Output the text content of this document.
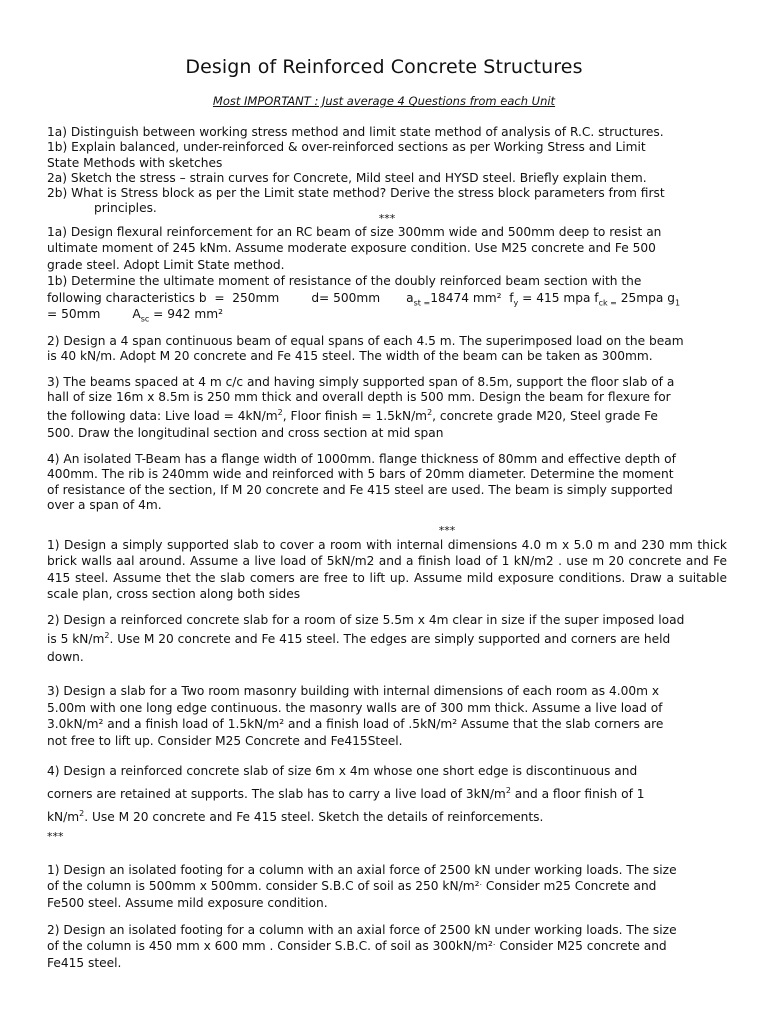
Design of Reinforced Concrete Structures
Most IMPORTANT : Just average 4 Questions from each Unit
1a) Distinguish between working stress method and limit state method of analysis of R.C. structures.
1b) Explain balanced, under-reinforced & over-reinforced sections as per Working Stress and Limit
State Methods with sketches
2a) Sketch the stress – strain curves for Concrete, Mild steel and HYSD steel. Briefly explain them.
2b) What is Stress block as per the Limit state method? Derive the stress block parameters from first
principles.
***
1a) Design flexural reinforcement for an RC beam of size 300mm wide and 500mm deep to resist an
ultimate moment of 245 kNm. Assume moderate exposure condition. Use M25 concrete and Fe 500
grade steel. Adopt Limit State method.
1b) Determine the ultimate moment of resistance of the doubly reinforced beam section with the
following characteristics b  =  250mm	d= 500mm $a_{st =}18474$ mm²  $f_y = 415$ mpa $f_{ck =}$ 25mpa $g_1$
= 50mm	$A_{sc} = 942$ mm²
2) Design a 4 span continuous beam of equal spans of each 4.5 m. The superimposed load on the beam
is 40 kN/m. Adopt M 20 concrete and Fe 415 steel. The width of the beam can be taken as 300mm.
3) The beams spaced at 4 m c/c and having simply supported span of 8.5m, support the floor slab of a
hall of size 16m x 8.5m is 250 mm thick and overall depth is 500 mm. Design the beam for flexure for
the following data: Live load = $4kN/m^2$, Floor finish = $1.5kN/m^2$, concrete grade M20, Steel grade Fe
500. Draw the longitudinal section and cross section at mid span
4) An isolated T-Beam has a flange width of 1000mm. flange thickness of 80mm and effective depth of
400mm. The rib is 240mm wide and reinforced with 5 bars of 20mm diameter. Determine the moment
of resistance of the section, If M 20 concrete and Fe 415 steel are used. The beam is simply supported
over a span of 4m.
***
1) Design a simply supported slab to cover a room with internal dimensions 4.0 m x 5.0 m and 230 mm thick brick walls aal around. Assume a live load of 5kN/m2 and a finish load of 1 kN/m2 . use m 20 concrete and Fe 415 steel. Assume thet the slab comers are free to lift up. Assume mild exposure conditions. Draw a suitable scale plan, cross section along both sides
2) Design a reinforced concrete slab for a room of size 5.5m x 4m clear in size if the super imposed load
is 5 $kN/m^2$. Use M 20 concrete and Fe 415 steel. The edges are simply supported and corners are held
down.
3) Design a slab for a Two room masonry building with internal dimensions of each room as 4.00m x
5.00m with one long edge continuous. the masonry walls are of 300 mm thick. Assume a live load of
3.0kN/m² and a finish load of 1.5kN/m² and a finish load of .5kN/m² Assume that the slab corners are
not free to lift up. Consider M25 Concrete and Fe415Steel.
4) Design a reinforced concrete slab of size 6m x 4m whose one short edge is discontinuous and
corners are retained at supports. The slab has to carry a live load of $3kN/m^2$ and a floor finish of 1
$kN/m^2$. Use M 20 concrete and Fe 415 steel. Sketch the details of reinforcements.
***
1) Design an isolated footing for a column with an axial force of 2500 kN under working loads. The size
of the column is 500mm x 500mm. consider S.B.C of soil as 250 kN/m². Consider m25 Concrete and
Fe500 steel. Assume mild exposure condition.
2) Design an isolated footing for a column with an axial force of 2500 kN under working loads. The size
of the column is 450 mm x 600 mm . Consider S.B.C. of soil as 300kN/m². Consider M25 concrete and
Fe415 steel.
